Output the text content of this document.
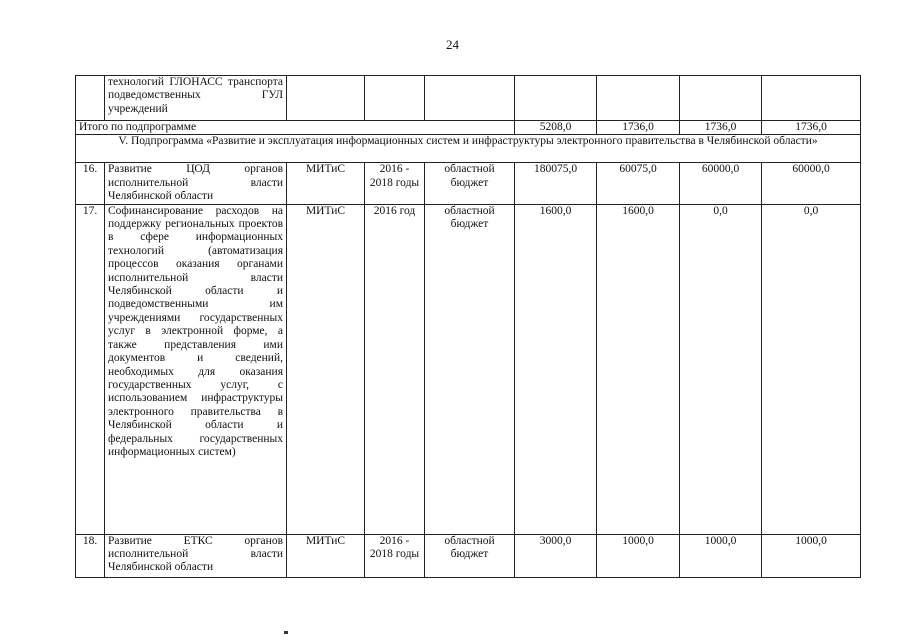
24
	технологий ГЛОНАСС транспорта подведомственных ГУЛ учреждений							
Итого по подпрограмме					5208,0	1736,0	1736,0	1736,0
V. Подпрограмма «Развитие и эксплуатация информационных систем и инфраструктуры электронного правительства в Челябинской области»								
16.	Развитие ЦОД органов исполнительной власти Челябинской области	МИТиС	2016 - 2018 годы	областной бюджет	180075,0	60075,0	60000,0	60000,0
17.	Софинансирование расходов на поддержку региональных проектов в сфере информационных технологий (автоматизация процессов оказания органами исполнительной власти Челябинской области и подведомственными им учреждениями государственных услуг в электронной форме, а также представления ими документов и сведений, необходимых для оказания государственных услуг, с использованием инфраструктуры электронного правительства в Челябинской области и федеральных государственных информационных систем)	МИТиС	2016 год	областной бюджет	1600,0	1600,0	0,0	0,0
18.	Развитие ЕТКС органов исполнительной власти Челябинской области	МИТиС	2016 - 2018 годы	областной бюджет	3000,0	1000,0	1000,0	1000,0
